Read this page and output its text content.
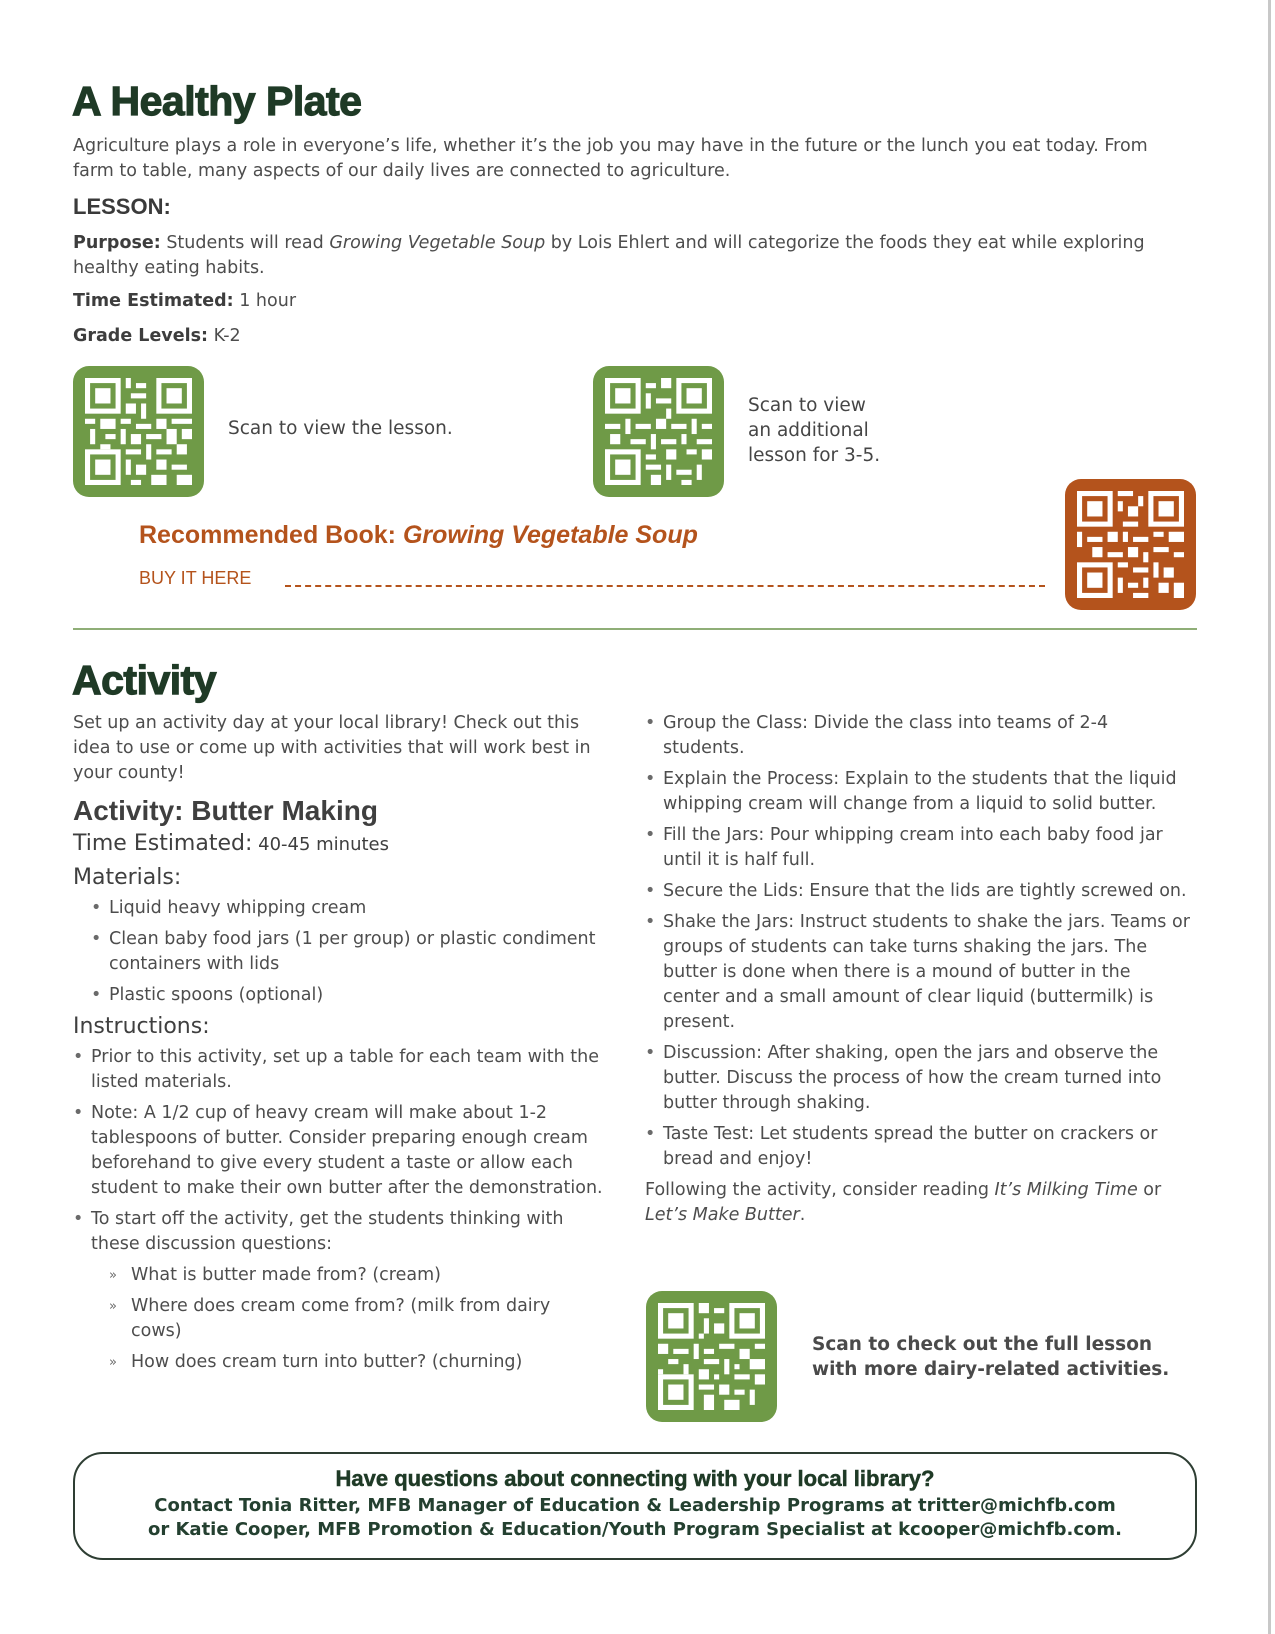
A Healthy Plate
Agriculture plays a role in everyone’s life, whether it’s the job you may have in the future or the lunch you eat today. From farm to table, many aspects of our daily lives are connected to agriculture.
LESSON:
Purpose: Students will read Growing Vegetable Soup by Lois Ehlert and will categorize the foods they eat while exploring healthy eating habits.
Time Estimated: 1 hour
Grade Levels: K-2
Scan to view the lesson.
Scan to view
an additional
lesson for 3-5.
Recommended Book: Growing Vegetable Soup
BUY IT HERE
Activity
Set up an activity day at your local library! Check out this idea to use or come up with activities that will work best in your county!
Activity: Butter Making
Time Estimated: 40-45 minutes
Materials:
• Liquid heavy whipping cream
• Clean baby food jars (1 per group) or plastic condiment containers with lids
• Plastic spoons (optional)
Instructions:
• Prior to this activity, set up a table for each team with the listed materials.
• Note: A 1/2 cup of heavy cream will make about 1-2 tablespoons of butter. Consider preparing enough cream beforehand to give every student a taste or allow each student to make their own butter after the demonstration.
• To start off the activity, get the students thinking with these discussion questions:
» What is butter made from? (cream)
» Where does cream come from? (milk from dairy cows)
» How does cream turn into butter? (churning)
• Group the Class: Divide the class into teams of 2-4 students.
• Explain the Process: Explain to the students that the liquid whipping cream will change from a liquid to solid butter.
• Fill the Jars: Pour whipping cream into each baby food jar until it is half full.
• Secure the Lids: Ensure that the lids are tightly screwed on.
• Shake the Jars: Instruct students to shake the jars. Teams or groups of students can take turns shaking the jars. The butter is done when there is a mound of butter in the center and a small amount of clear liquid (buttermilk) is present.
• Discussion: After shaking, open the jars and observe the butter. Discuss the process of how the cream turned into butter through shaking.
• Taste Test: Let students spread the butter on crackers or bread and enjoy!
Following the activity, consider reading It’s Milking Time or Let’s Make Butter.
Scan to check out the full lesson
with more dairy-related activities.
Have questions about connecting with your local library?
Contact Tonia Ritter, MFB Manager of Education & Leadership Programs at tritter@michfb.com
or Katie Cooper, MFB Promotion & Education/Youth Program Specialist at kcooper@michfb.com.
